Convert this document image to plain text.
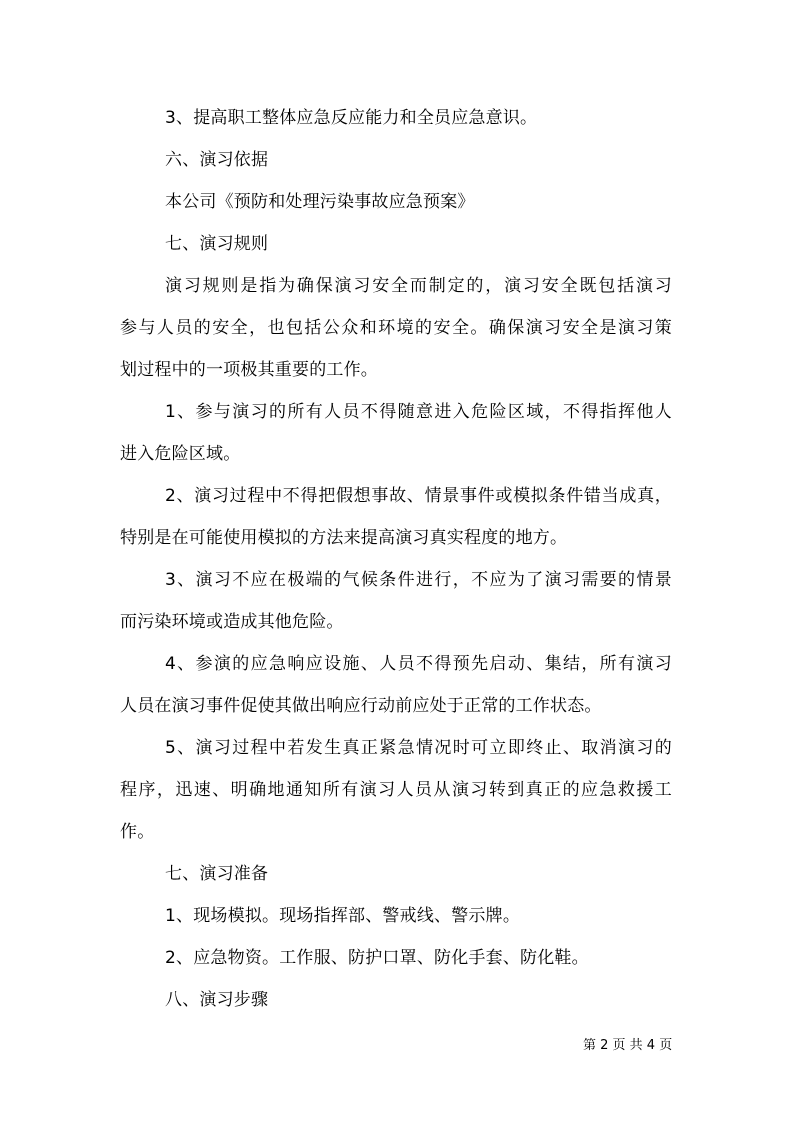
3、提高职工整体应急反应能力和全员应急意识。
六、演习依据
本公司《预防和处理污染事故应急预案》
七、演习规则
演习规则是指为确保演习安全而制定的，演习安全既包括演习
参与人员的安全，也包括公众和环境的安全。确保演习安全是演习策
划过程中的一项极其重要的工作。
1、参与演习的所有人员不得随意进入危险区域，不得指挥他人
进入危险区域。
2、演习过程中不得把假想事故、情景事件或模拟条件错当成真，
特别是在可能使用模拟的方法来提高演习真实程度的地方。
3、演习不应在极端的气候条件进行，不应为了演习需要的情景
而污染环境或造成其他危险。
4、参演的应急响应设施、人员不得预先启动、集结，所有演习
人员在演习事件促使其做出响应行动前应处于正常的工作状态。
5、演习过程中若发生真正紧急情况时可立即终止、取消演习的
程序，迅速、明确地通知所有演习人员从演习转到真正的应急救援工
作。
七、演习准备
1、现场模拟。现场指挥部、警戒线、警示牌。
2、应急物资。工作服、防护口罩、防化手套、防化鞋。
八、演习步骤
第 2 页 共 4 页
